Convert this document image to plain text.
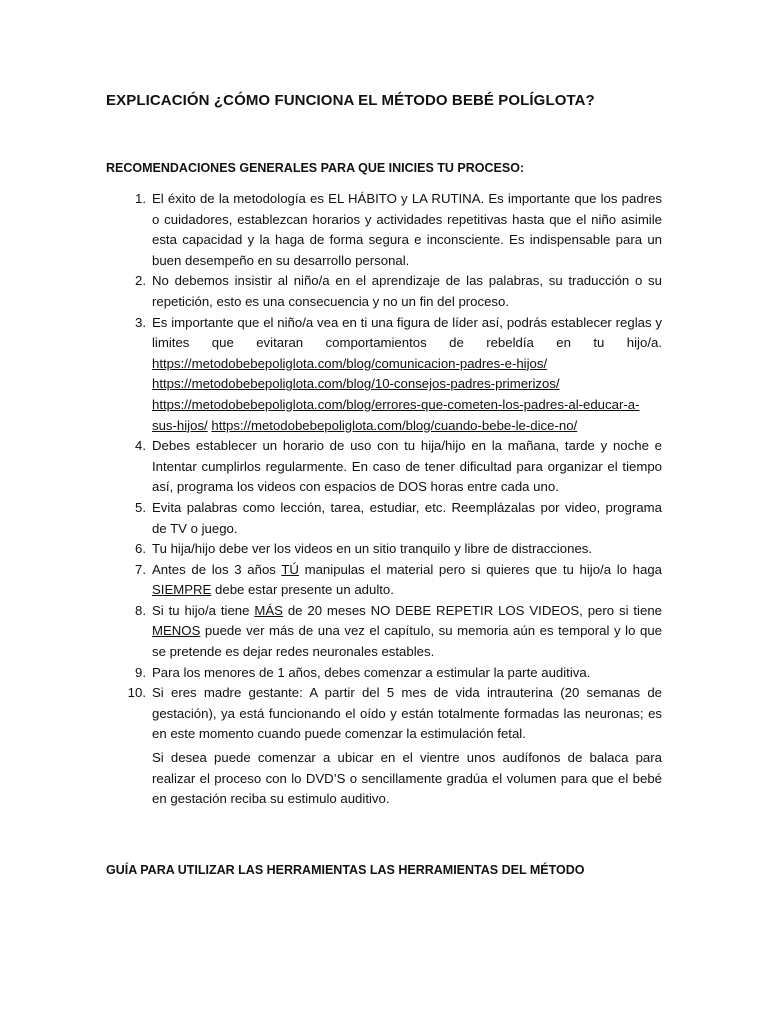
EXPLICACIÓN ¿CÓMO FUNCIONA EL MÉTODO BEBÉ POLÍGLOTA?
RECOMENDACIONES GENERALES PARA QUE INICIES TU PROCESO:
1 . El éxito de la metodología es EL HÁBITO y LA RUTINA. Es importante que los padres o cuidadores, establezcan horarios y actividades repetitivas hasta que el niño asimile esta capacidad y la haga de forma segura e inconsciente. Es indispensable para un buen desempeño en su desarrollo personal.
2 . No debemos insistir al niño/a en el aprendizaje de las palabras, su traducción o su repetición, esto es una consecuencia y no un fin del proceso.
3 . Es importante que el niño/a vea en ti una figura de líder así, podrás establecer reglas y limites que evitaran comportamientos de rebeldía en tu hijo/a. https://metodobebepoliglota.com/blog/comunicacion-padres-e-hijos/ https://metodobebepoliglota.com/blog/10-consejos-padres-primerizos/ https://metodobebepoliglota.com/blog/errores-que-cometen-los-padres-al-educar-a-sus-hijos/ https://metodobebepoliglota.com/blog/cuando-bebe-le-dice-no/
4 . Debes establecer un horario de uso con tu hija/hijo en la mañana, tarde y noche e Intentar cumplirlos regularmente. En caso de tener dificultad para organizar el tiempo así, programa los videos con espacios de DOS horas entre cada uno.
5 . Evita palabras como lección, tarea, estudiar, etc. Reemplázalas por video, programa de TV o juego.
6 . Tu hija/hijo debe ver los videos en un sitio tranquilo y libre de distracciones.
7 . Antes de los 3 años TÚ manipulas el material pero si quieres que tu hijo/a lo haga SIEMPRE debe estar presente un adulto.
8 . Si tu hijo/a tiene MÁS de 20 meses NO DEBE REPETIR LOS VIDEOS, pero si tiene MENOS puede ver más de una vez el capítulo, su memoria aún es temporal y lo que se pretende es dejar redes neuronales estables.
9 . Para los menores de 1 años, debes comenzar a estimular la parte auditiva.
10 . Si eres madre gestante: A partir del 5 mes de vida intrauterina (20 semanas de gestación), ya está funcionando el oído y están totalmente formadas las neuronas; es en este momento cuando puede comenzar la estimulación fetal.
Si desea puede comenzar a ubicar en el vientre unos audífonos de balaca para realizar el proceso con lo DVD’S o sencillamente gradúa el volumen para que el bebé en gestación reciba su estimulo auditivo.
GUÍA PARA UTILIZAR LAS HERRAMIENTAS LAS HERRAMIENTAS DEL MÉTODO
